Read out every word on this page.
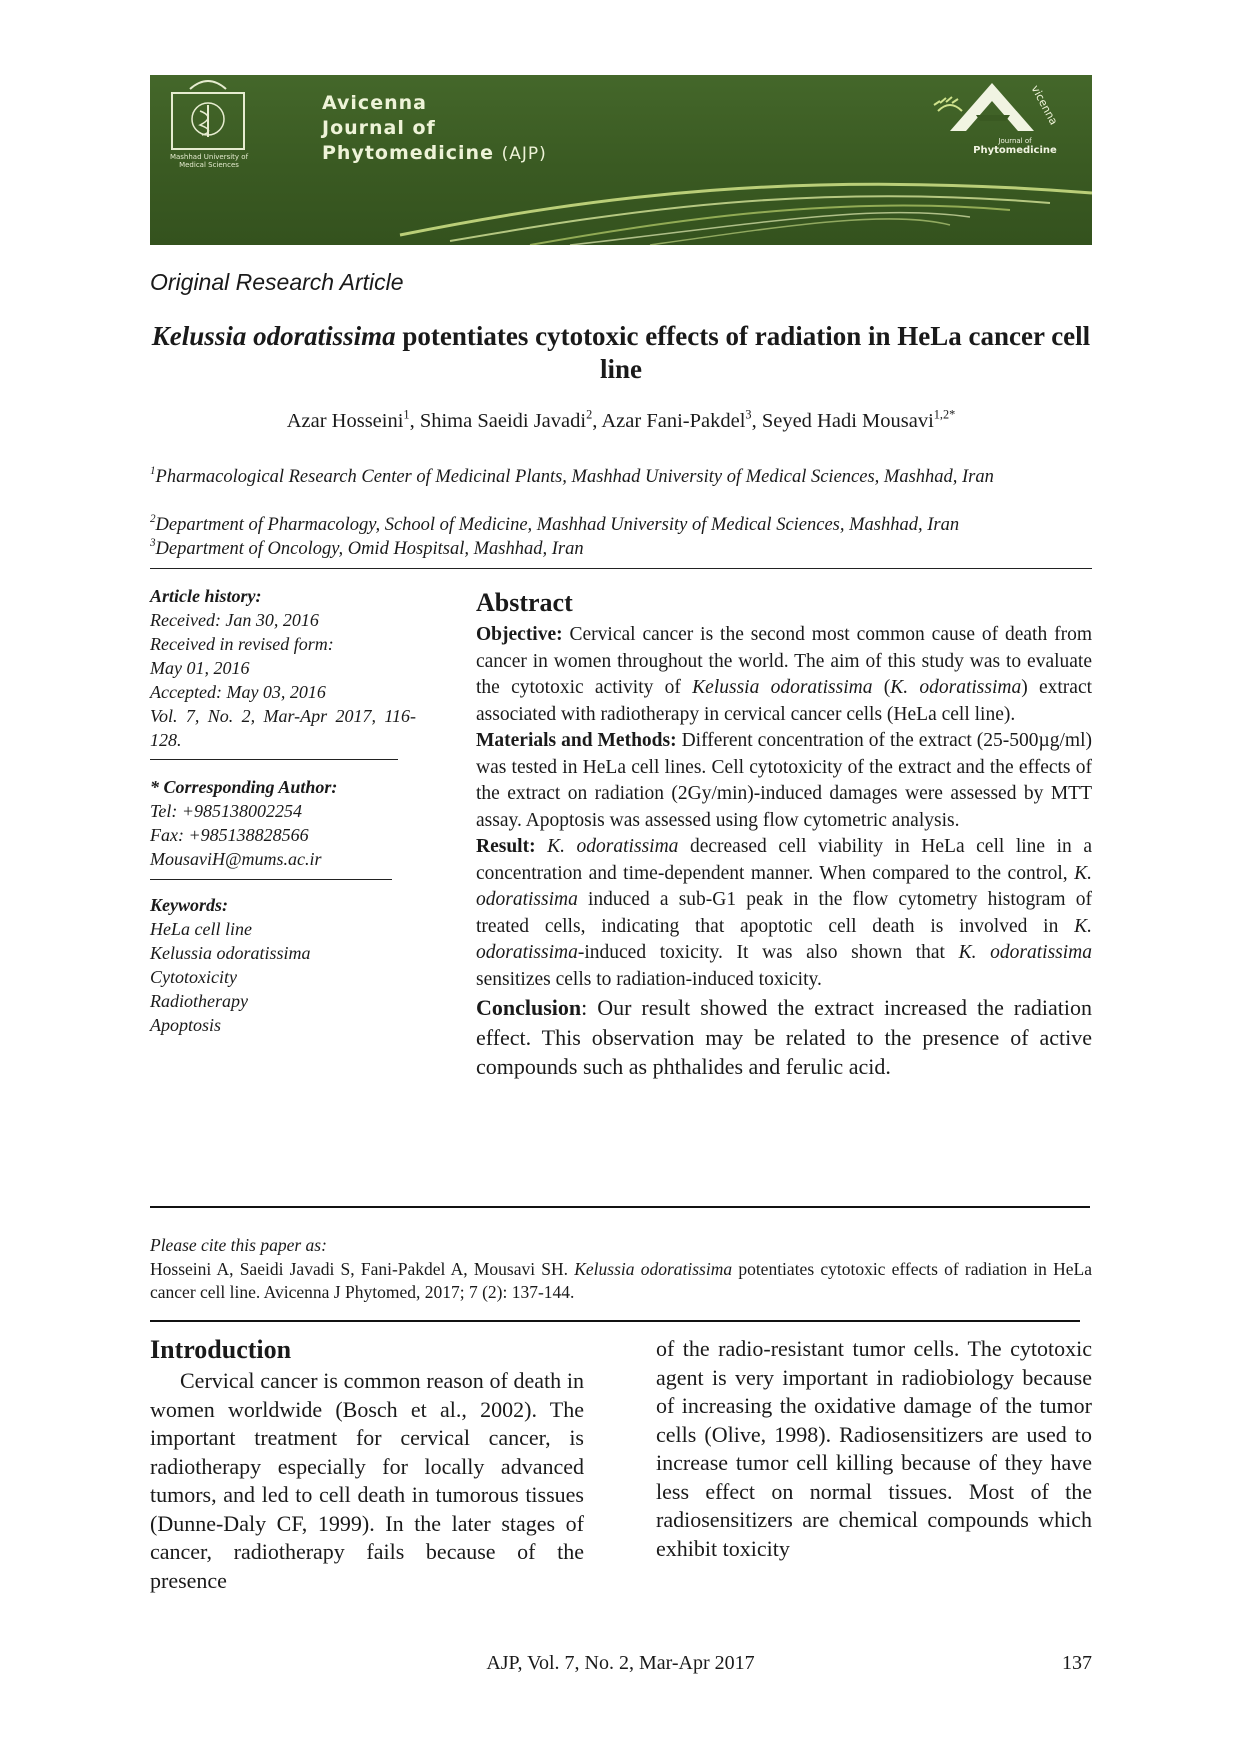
Mashhad University of Medical Sciences
Avicenna
Journal of
Phytomedicine (AJP)
vicenna
Journal of
Phytomedicine
Original Research Article
Kelussia odoratissima potentiates cytotoxic effects of radiation in HeLa cancer cell line
Azar Hosseini$^1$, Shima Saeidi Javadi$^2$, Azar Fani-Pakdel$^3$, Seyed Hadi Mousavi$^{1,2*}$
$^1$Pharmacological Research Center of Medicinal Plants, Mashhad University of Medical Sciences, Mashhad, Iran
$^2$Department of Pharmacology, School of Medicine, Mashhad University of Medical Sciences, Mashhad, Iran
$^3$Department of Oncology, Omid Hospitsal, Mashhad, Iran
Article history:
Received: Jan 30, 2016
Received in revised form:
May 01, 2016
Accepted: May 03, 2016

Vol. 7, No. 2, Mar-Apr 2017, 116-128.
* Corresponding Author:
Tel: +985138002254
Fax: +985138828566
MousaviH@mums.ac.ir
Keywords:
HeLa cell line
Kelussia odoratissima
Cytotoxicity
Radiotherapy
Apoptosis
Abstract

Objective: Cervical cancer is the second most common cause of death from cancer in women throughout the world. The aim of this study was to evaluate the cytotoxic activity of Kelussia odoratissima (K. odoratissima) extract associated with radiotherapy in cervical cancer cells (HeLa cell line).

Materials and Methods: Different concentration of the extract (25-500µg/ml) was tested in HeLa cell lines. Cell cytotoxicity of the extract and the effects of the extract on radiation (2Gy/min)-induced damages were assessed by MTT assay. Apoptosis was assessed using flow cytometric analysis.

Result: K. odoratissima decreased cell viability in HeLa cell line in a concentration and time-dependent manner. When compared to the control, K. odoratissima induced a sub-G1 peak in the flow cytometry histogram of treated cells, indicating that apoptotic cell death is involved in K. odoratissima-induced toxicity. It was also shown that K. odoratissima sensitizes cells to radiation-induced toxicity.

Conclusion: Our result showed the extract increased the radiation effect. This observation may be related to the presence of active compounds such as phthalides and ferulic acid.

Please cite this paper as:
Hosseini A, Saeidi Javadi S, Fani-Pakdel A, Mousavi SH. Kelussia odoratissima potentiates cytotoxic effects of radiation in HeLa cancer cell line. Avicenna J Phytomed, 2017; 7 (2): 137-144.
Introduction
Cervical cancer is common reason of death in women worldwide (Bosch et al., 2002). The important treatment for cervical cancer, is radiotherapy especially for locally advanced tumors, and led to cell death in tumorous tissues (Dunne-Daly CF, 1999). In the later stages of cancer, radiotherapy fails because of the presence
of the radio-resistant tumor cells. The cytotoxic agent is very important in radiobiology because of increasing the oxidative damage of the tumor cells (Olive, 1998). Radiosensitizers are used to increase tumor cell killing because of they have less effect on normal tissues. Most of the radiosensitizers are chemical compounds which exhibit toxicity
AJP, Vol. 7, No. 2, Mar-Apr 2017	137
